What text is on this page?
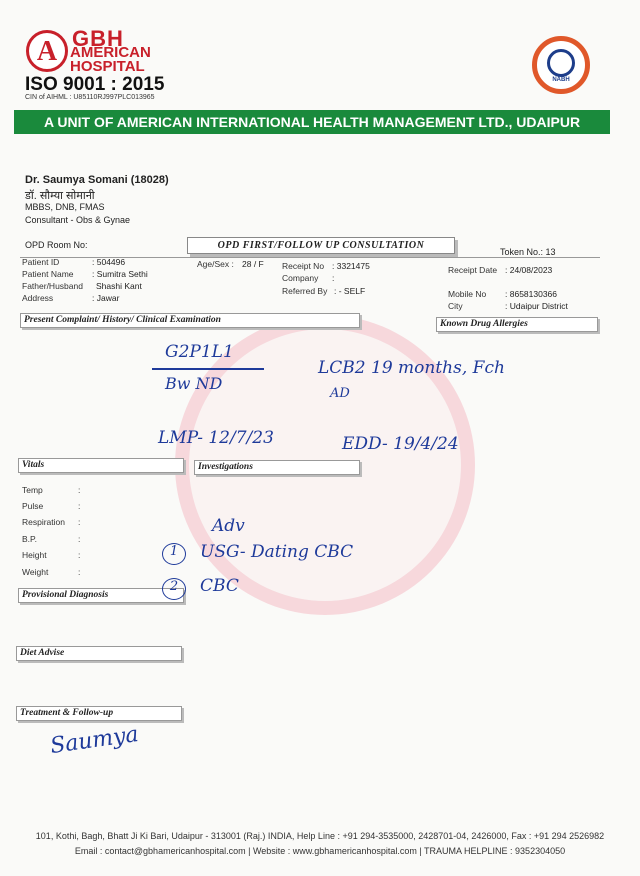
A GBH
AMERICAN HOSPITAL
ISO 9001 : 2015
CIN of AIHML : U85110RJ997PLC013965
NABH
A UNIT OF AMERICAN INTERNATIONAL HEALTH MANAGEMENT LTD., UDAIPUR
Dr. Saumya Somani (18028)
डॉ. सौम्या सोमानी
MBBS, DNB, FMAS
Consultant - Obs & Gynae
OPD Room No:	OPD FIRST/FOLLOW UP CONSULTATION
Token No.: 13
Patient ID	: 504496
Patient Name : Sumitra Sethi
Father/Husband Shashi Kant
Address	: Jawar
Age/Sex : 28 / F Receipt No : 3321475
Company :
Referred By : - SELF
Receipt Date : 24/08/2023
Mobile No : 8658130366
City	: Udaipur District
Present Complaint/ History/ Clinical Examination	Known Drug Allergies
Vitals	Investigations
Provisional Diagnosis
Diet Advise
Treatment & Follow-up
Temp	:
Pulse	:
Respiration :
B.P.	:
Height	:
Weight	:
G2P1L1
Bw ND
LCB2 19 months, Fch
AD
LMP- 12/7/23	EDD- 19/4/24
Adv
1	USG- Dating CBC
2	CBC
Saumya
101, Kothi, Bagh, Bhatt Ji Ki Bari, Udaipur - 313001 (Raj.) INDIA, Help Line : +91 294-3535000, 2428701-04, 2426000, Fax : +91 294 2526982
Email : contact@gbhamericanhospital.com | Website : www.gbhamericanhospital.com | TRAUMA HELPLINE : 9352304050
